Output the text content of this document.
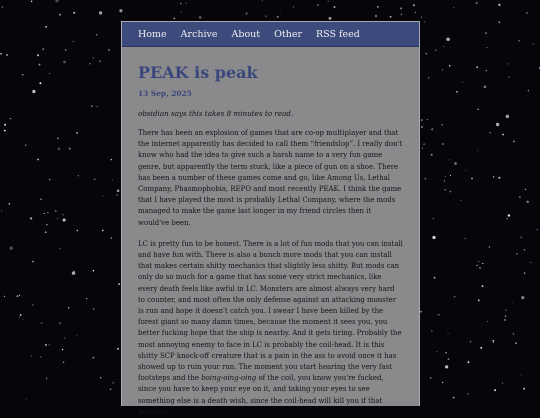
Home Archive About Other RSS feed
PEAK is peak

13 Sep, 2025

obsidian says this takes 8 minutes to read.

There has been an explosion of games that are co-op multiplayer and that the internet apparently has decided to call them “friendslop”. I really don't know who had the idea to give such a harsh name to a very fun game genre, but apparently the term stuck, like a piece of gun on a shoe. There has been a number of these games come and go, like Among Us, Lethal Company, Phasmophobia, REPO and most recently PEAK. I think the game that I have played the most is probably Lethal Company, where the mods managed to make the game last longer in my friend circles then it would've been.

LC is pretty fun to be honest. There is a lot of fun mods that you can install and have fun with. There is also a bunch more mods that you can install that makes certain shitty mechanics that slightly less shitty. But mods can only do so much for a game that has some very strict mechanics, like every death feels like awful in LC. Monsters are almost always very hard to counter, and most often the only defense against an attacking monster is run and hope it doesn't catch you. I swear I have been killed by the forest giant so many damn times, because the moment it sees you, you better fucking hope that the ship is nearby. And it gets tiring. Probably the most annoying enemy to face in LC is probably the coil-head. It is this shitty SCP knock-off creature that is a pain in the ass to avoid once it has showed up to ruin your run. The moment you start hearing the very fast footsteps and the boing-oing-oing of the coil, you know you're fucked, since you have to keep your eye on it, and taking your eyes to see something else is a death wish, since the coil-head will kill you if that happens.
